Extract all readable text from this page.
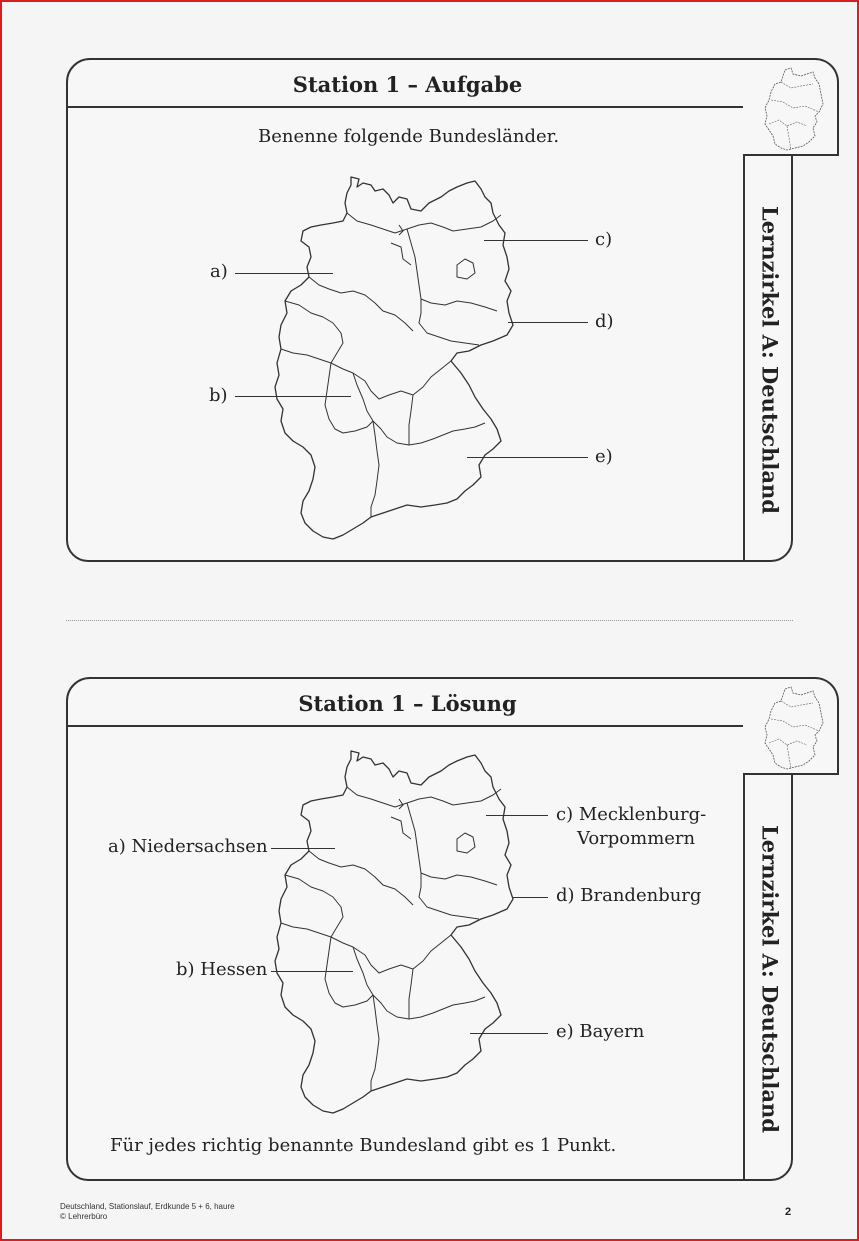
Station 1 – Aufgabe
Lernzirkel A: Deutschland
Benenne folgende Bundesländer.
a)
b)
c)
d)
e)
Station 1 – Lösung
Lernzirkel A: Deutschland
a) Niedersachsen
b) Hessen
c) Mecklenburg-
Vorpommern
d) Brandenburg
e) Bayern
Für jedes richtig benannte Bundesland gibt es 1 Punkt.
Deutschland, Stationslauf, Erdkunde 5 + 6, haure
© Lehrerbüro	2
